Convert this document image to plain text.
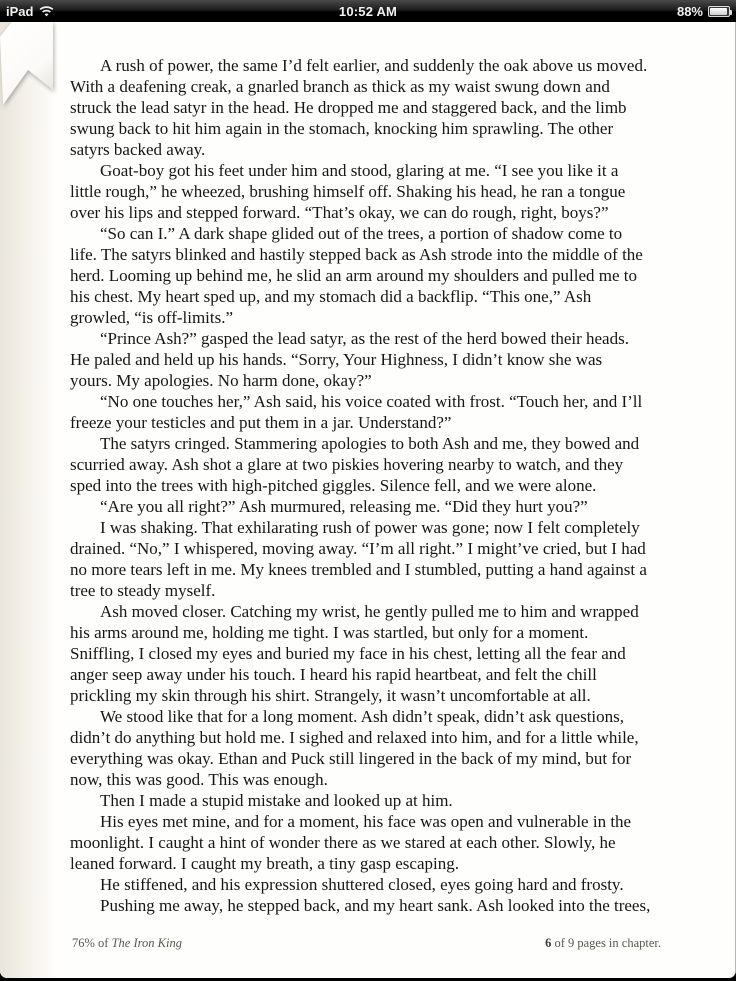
iPad	10:52 AM	88%
A rush of power, the same I’d felt earlier, and suddenly the oak above us moved.
With a deafening creak, a gnarled branch as thick as my waist swung down and
struck the lead satyr in the head. He dropped me and staggered back, and the limb
swung back to hit him again in the stomach, knocking him sprawling. The other
satyrs backed away.
Goat-boy got his feet under him and stood, glaring at me. “I see you like it a
little rough,” he wheezed, brushing himself off. Shaking his head, he ran a tongue
over his lips and stepped forward. “That’s okay, we can do rough, right, boys?”
“So can I.” A dark shape glided out of the trees, a portion of shadow come to
life. The satyrs blinked and hastily stepped back as Ash strode into the middle of the
herd. Looming up behind me, he slid an arm around my shoulders and pulled me to
his chest. My heart sped up, and my stomach did a backflip. “This one,” Ash
growled, “is off-limits.”
“Prince Ash?” gasped the lead satyr, as the rest of the herd bowed their heads.
He paled and held up his hands. “Sorry, Your Highness, I didn’t know she was
yours. My apologies. No harm done, okay?”
“No one touches her,” Ash said, his voice coated with frost. “Touch her, and I’ll
freeze your testicles and put them in a jar. Understand?”
The satyrs cringed. Stammering apologies to both Ash and me, they bowed and
scurried away. Ash shot a glare at two piskies hovering nearby to watch, and they
sped into the trees with high-pitched giggles. Silence fell, and we were alone.
“Are you all right?” Ash murmured, releasing me. “Did they hurt you?”
I was shaking. That exhilarating rush of power was gone; now I felt completely
drained. “No,” I whispered, moving away. “I’m all right.” I might’ve cried, but I had
no more tears left in me. My knees trembled and I stumbled, putting a hand against a
tree to steady myself.
Ash moved closer. Catching my wrist, he gently pulled me to him and wrapped
his arms around me, holding me tight. I was startled, but only for a moment.
Sniffling, I closed my eyes and buried my face in his chest, letting all the fear and
anger seep away under his touch. I heard his rapid heartbeat, and felt the chill
prickling my skin through his shirt. Strangely, it wasn’t uncomfortable at all.
We stood like that for a long moment. Ash didn’t speak, didn’t ask questions,
didn’t do anything but hold me. I sighed and relaxed into him, and for a little while,
everything was okay. Ethan and Puck still lingered in the back of my mind, but for
now, this was good. This was enough.
Then I made a stupid mistake and looked up at him.
His eyes met mine, and for a moment, his face was open and vulnerable in the
moonlight. I caught a hint of wonder there as we stared at each other. Slowly, he
leaned forward. I caught my breath, a tiny gasp escaping.
He stiffened, and his expression shuttered closed, eyes going hard and frosty.
Pushing me away, he stepped back, and my heart sank. Ash looked into the trees,
76% of The Iron King	6 of 9 pages in chapter.
